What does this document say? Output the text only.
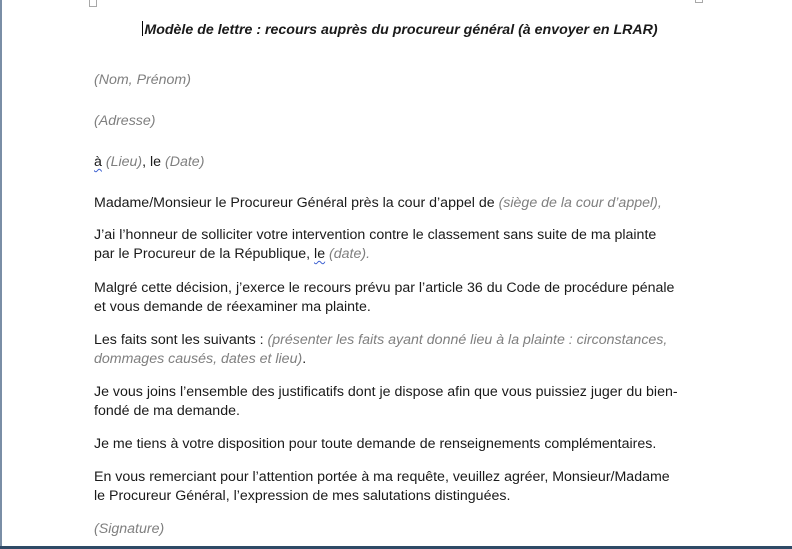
Modèle de lettre : recours auprès du procureur général (à envoyer en LRAR)

(Nom, Prénom)

(Adresse)

à (Lieu), le (Date)

Madame/Monsieur le Procureur Général près la cour d’appel de (siège de la cour d’appel),

J’ai l’honneur de solliciter votre intervention contre le classement sans suite de ma plainte

par le Procureur de la République, le (date).

Malgré cette décision, j’exerce le recours prévu par l’article 36 du Code de procédure pénale

et vous demande de réexaminer ma plainte.

Les faits sont les suivants : (présenter les faits ayant donné lieu à la plainte : circonstances,

dommages causés, dates et lieu).

Je vous joins l’ensemble des justificatifs dont je dispose afin que vous puissiez juger du bien-

fondé de ma demande.

Je me tiens à votre disposition pour toute demande de renseignements complémentaires.

En vous remerciant pour l’attention portée à ma requête, veuillez agréer, Monsieur/Madame

le Procureur Général, l’expression de mes salutations distinguées.

(Signature)
